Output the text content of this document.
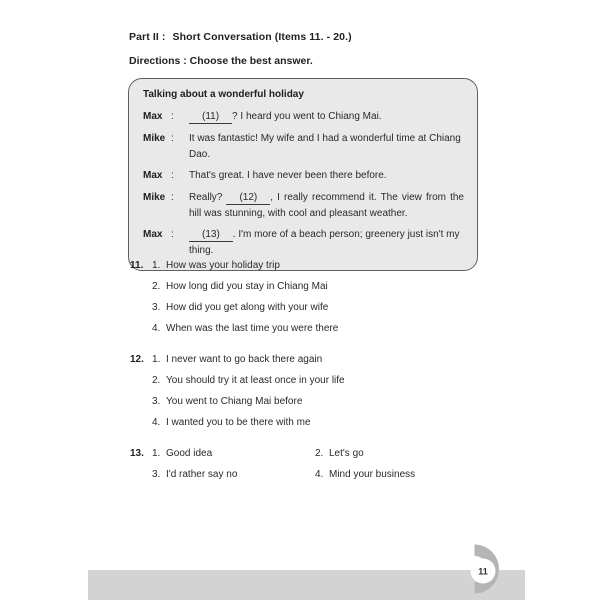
Part II : Short Conversation (Items 11. - 20.)
Directions : Choose the best answer.
Talking about a wonderful holiday
Max :	(11) ? I heard you went to Chiang Mai.
Mike :	It was fantastic! My wife and I had a wonderful time at Chiang Dao.
Max :	That's great. I have never been there before.
Mike :	Really? (12) , I really recommend it. The view from the hill was stunning, with cool and pleasant weather.
Max :	(13) . I'm more of a beach person; greenery just isn't my thing.
11. 1. How was your holiday trip
2. How long did you stay in Chiang Mai
3. How did you get along with your wife
4. When was the last time you were there
12. 1. I never want to go back there again
2. You should try it at least once in your life
3. You went to Chiang Mai before
4. I wanted you to be there with me
13. 1. Good idea	2. Let's go
3. I'd rather say no	4. Mind your business
11
